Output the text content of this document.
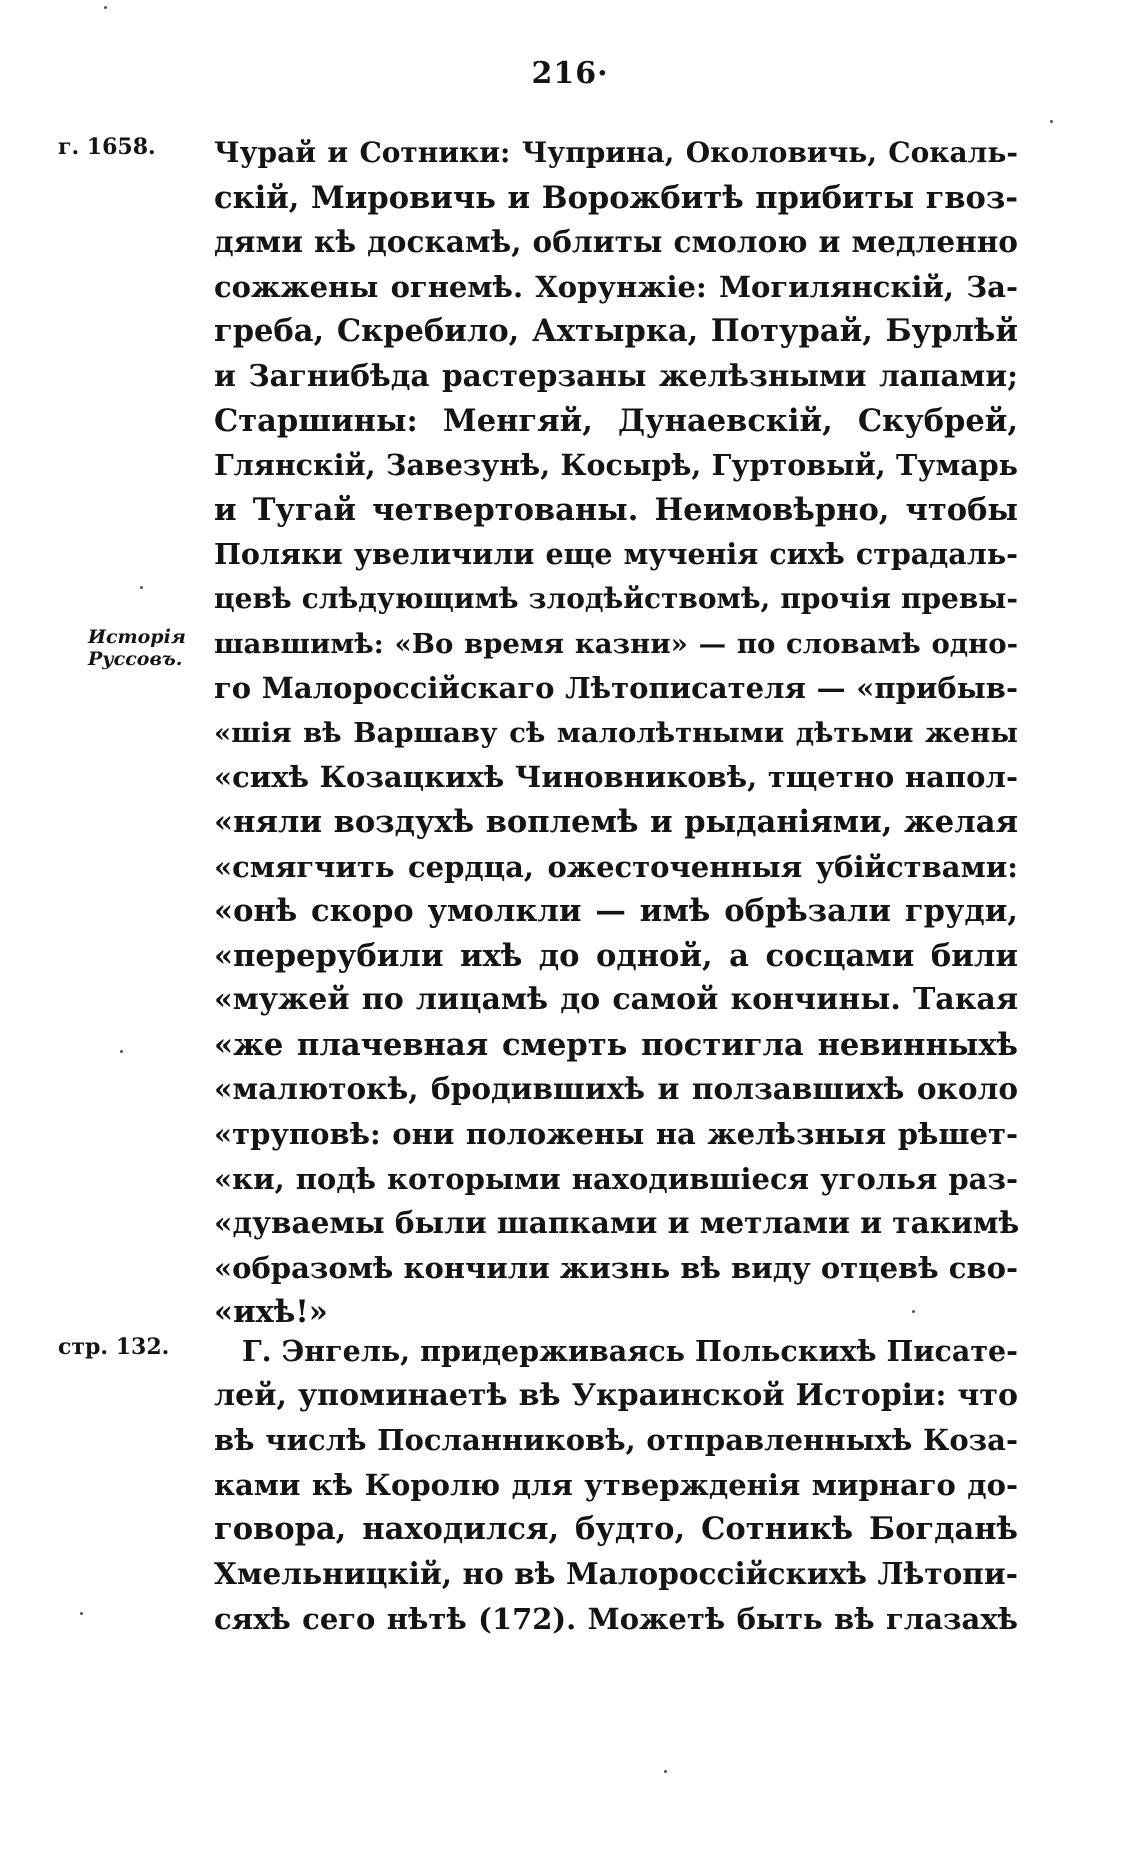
216·
г. 1658.
Исторія
Руссовъ.
стр. 132.
Чурай и Сотники: Чуприна, Околовичь, Сокаль-
скій, Мировичь и Ворожбитѣ прибиты гвоз-
дями кѣ доскамѣ, облиты смолою и медленно
сожжены огнемѣ. Хорунжіе: Могилянскій, За-
греба, Скребило, Ахтырка, Потурай, Бурлѣй
и Загнибѣда растерзаны желѣзными лапами;
Старшины: Менгяй, Дунаевскій, Скубрей,
Глянскій, Завезунѣ, Косырѣ, Гуртовый, Тумарь
и Тугай четвертованы. Неимовѣрно, чтобы
Поляки увеличили еще мученія сихѣ страдаль-
цевѣ слѣдующимѣ злодѣйствомѣ, прочія превы-
шавшимѣ: «Во время казни» — по словамѣ одно-
го Малороссійскаго Лѣтописателя — «прибыв-
«шія вѣ Варшаву сѣ малолѣтными дѣтьми жены
«сихѣ Козацкихѣ Чиновниковѣ, тщетно напол-
«няли воздухѣ воплемѣ и рыданіями, желая
«смягчить сердца, ожесточенныя убійствами:
«онѣ скоро умолкли — имѣ обрѣзали груди,
«перерубили ихѣ до одной, а сосцами били
«мужей по лицамѣ до самой кончины. Такая
«же плачевная смерть постигла невинныхѣ
«малютокѣ, бродившихѣ и ползавшихѣ около
«труповѣ: они положены на желѣзныя рѣшет-
«ки, подѣ которыми находившіеся уголья раз-
«дуваемы были шапками и метлами и такимѣ
«образомѣ кончили жизнь вѣ виду отцевѣ сво-
«ихѣ!»
Г. Энгель, придерживаясь Польскихѣ Писате-
лей, упоминаетѣ вѣ Украинской Исторіи: что
вѣ числѣ Посланниковѣ, отправленныхѣ Коза-
ками кѣ Королю для утвержденія мирнаго до-
говора, находился, будто, Сотникѣ Богданѣ
Хмельницкій, но вѣ Малороссійскихѣ Лѣтопи-
сяхѣ сего нѣтѣ (172). Можетѣ быть вѣ глазахѣ
